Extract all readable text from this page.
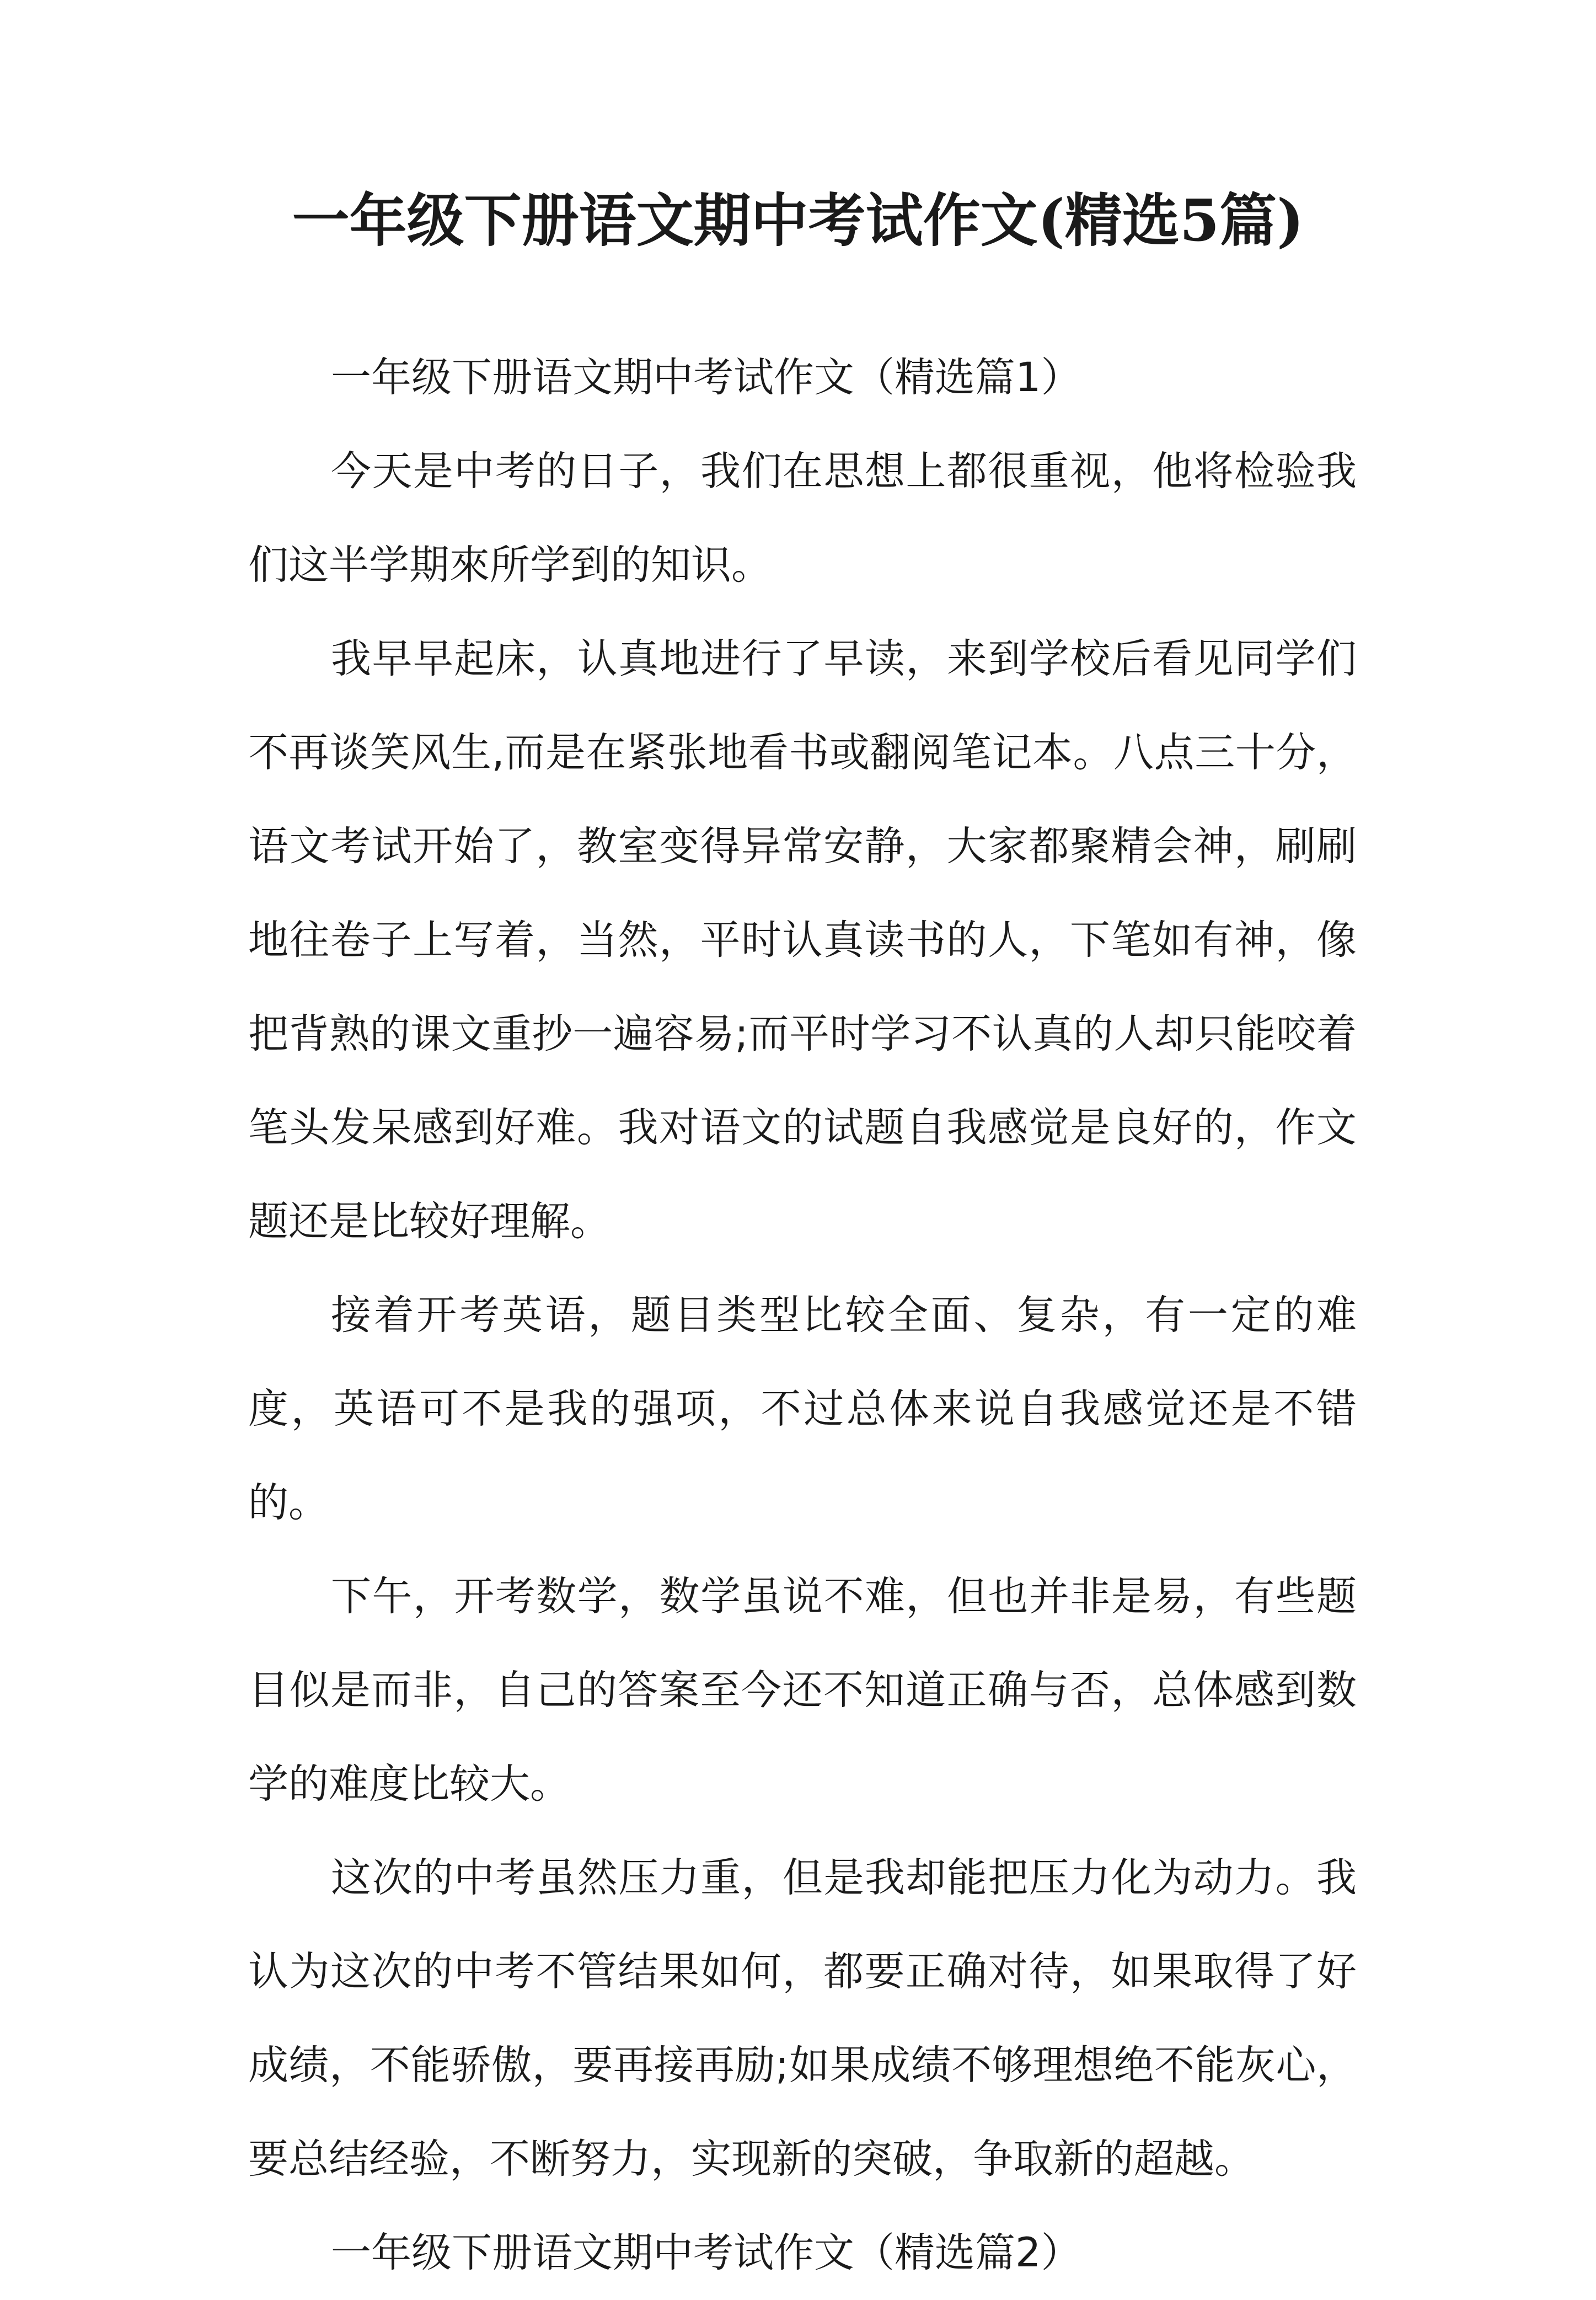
一年级下册语文期中考试作文(精选5篇)

一年级下册语文期中考试作文（精选篇1）

今天是中考的日子，我们在思想上都很重视，他将检验我们这半学期來所学到的知识。

我早早起床，认真地进行了早读，来到学校后看见同学们不再谈笑风生,而是在紧张地看书或翻阅笔记本。八点三十分，语文考试开始了，教室变得异常安静，大家都聚精会神，刷刷地往卷子上写着，当然，平时认真读书的人，下笔如有神，像把背熟的课文重抄一遍容易;而平时学习不认真的人却只能咬着笔头发呆感到好难。我对语文的试题自我感觉是良好的，作文题还是比较好理解。

接着开考英语，题目类型比较全面、复杂，有一定的难度，英语可不是我的强项，不过总体来说自我感觉还是不错的。

下午，开考数学，数学虽说不难，但也并非是易，有些题目似是而非，自己的答案至今还不知道正确与否，总体感到数学的难度比较大。

这次的中考虽然压力重，但是我却能把压力化为动力。我认为这次的中考不管结果如何，都要正确对待，如果取得了好成绩，不能骄傲，要再接再励;如果成绩不够理想绝不能灰心，要总结经验，不断努力，实现新的突破，争取新的超越。

一年级下册语文期中考试作文（精选篇2）
